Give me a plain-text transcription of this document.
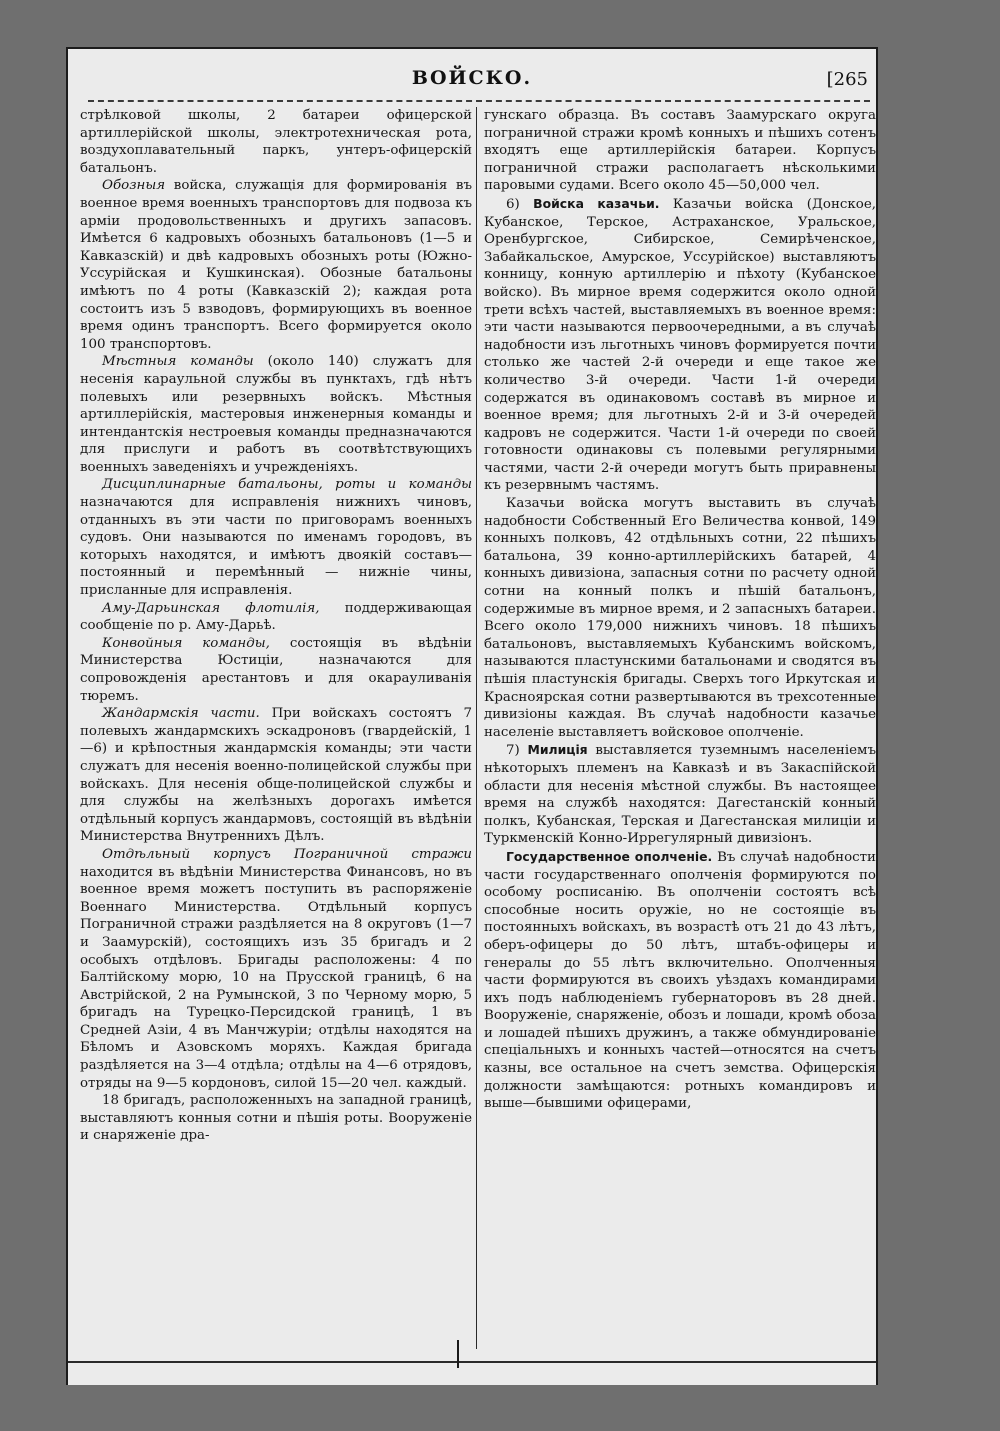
ВОЙСКО.	[265

стрѣлковой школы, 2 батареи офицерской артиллерійской школы, электротехническая рота, воздухоплавательный паркъ, унтеръ-офицерскій батальонъ.

Обозныя войска, служащія для формированія въ военное время военныхъ транспортовъ для подвоза къ арміи продовольственныхъ и другихъ запасовъ. Имѣется 6 кадровыхъ обозныхъ батальоновъ (1—5 и Кавказскій) и двѣ кадровыхъ обозныхъ роты (Южно-Уссурійская и Кушкинская). Обозные батальоны имѣютъ по 4 роты (Кавказскій 2); каждая рота состоитъ изъ 5 взводовъ, формирующихъ въ военное время одинъ транспортъ. Всего формируется около 100 транспортовъ.

Мѣстныя команды (около 140) служатъ для несенія караульной службы въ пунктахъ, гдѣ нѣтъ полевыхъ или резервныхъ войскъ. Мѣстныя артиллерійскія, мастеровыя инженерныя команды и интендантскія нестроевыя команды предназначаются для прислуги и работъ въ соотвѣтствующихъ военныхъ заведеніяхъ и учрежденіяхъ.

Дисциплинарные батальоны, роты и команды назначаются для исправленія нижнихъ чиновъ, отданныхъ въ эти части по приговорамъ военныхъ судовъ. Они называются по именамъ городовъ, въ которыхъ находятся, и имѣютъ двоякій составъ—постоянный и перемѣнный — нижніе чины, присланные для исправленія.

Аму-Дарьинская флотилія, поддерживающая сообщеніе по р. Аму-Дарьѣ.

Конвойныя команды, состоящія въ вѣдѣніи Министерства Юстиціи, назначаются для сопровожденія арестантовъ и для окарауливанія тюремъ.

Жандармскія части. При войскахъ состоятъ 7 полевыхъ жандармскихъ эскадроновъ (гвардейскій, 1—6) и крѣпостныя жандармскія команды; эти части служатъ для несенія военно-полицейской службы при войскахъ. Для несенія обще-полицейской службы и для службы на желѣзныхъ дорогахъ имѣется отдѣльный корпусъ жандармовъ, состоящій въ вѣдѣніи Министерства Внутреннихъ Дѣлъ.

Отдѣльный корпусъ Пограничной стражи находится въ вѣдѣніи Министерства Финансовъ, но въ военное время можетъ поступить въ распоряженіе Военнаго Министерства. Отдѣльный корпусъ Пограничной стражи раздѣляется на 8 округовъ (1—7 и Заамурскій), состоящихъ изъ 35 бригадъ и 2 особыхъ отдѣловъ. Бригады расположены: 4 по Балтійскому морю, 10 на Прусской границѣ, 6 на Австрійской, 2 на Румынской, 3 по Черному морю, 5 бригадъ на Турецко-Персидской границѣ, 1 въ Средней Азіи, 4 въ Манчжуріи; отдѣлы находятся на Бѣломъ и Азовскомъ моряхъ. Каждая бригада раздѣляется на 3—4 отдѣла; отдѣлы на 4—6 отрядовъ, отряды на 9—5 кордоновъ, силой 15—20 чел. каждый.

18 бригадъ, расположенныхъ на западной границѣ, выставляютъ конныя сотни и пѣшія роты. Вооруженіе и снаряженіе дра-

гунскаго образца. Въ составъ Заамурскаго округа пограничной стражи кромѣ конныхъ и пѣшихъ сотенъ входятъ еще артиллерійскія батареи. Корпусъ пограничной стражи располагаетъ нѣсколькими паровыми судами. Всего около 45—50,000 чел.

6) Войска казачьи. Казачьи войска (Донское, Кубанское, Терское, Астраханское, Уральское, Оренбургское, Сибирское, Семирѣченское, Забайкальское, Амурское, Уссурійское) выставляютъ конницу, конную артиллерію и пѣхоту (Кубанское войско). Въ мирное время содержится около одной трети всѣхъ частей, выставляемыхъ въ военное время: эти части называются первоочередными, а въ случаѣ надобности изъ льготныхъ чиновъ формируется почти столько же частей 2-й очереди и еще такое же количество 3-й очереди. Части 1-й очереди содержатся въ одинаковомъ составѣ въ мирное и военное время; для льготныхъ 2-й и 3-й очередей кадровъ не содержится. Части 1-й очереди по своей готовности одинаковы съ полевыми регулярными частями, части 2-й очереди могутъ быть приравнены къ резервнымъ частямъ.

Казачьи войска могутъ выставить въ случаѣ надобности Собственный Его Величества конвой, 149 конныхъ полковъ, 42 отдѣльныхъ сотни, 22 пѣшихъ батальона, 39 конно-артиллерійскихъ батарей, 4 конныхъ дивизіона, запасныя сотни по расчету одной сотни на конный полкъ и пѣшій батальонъ, содержимые въ мирное время, и 2 запасныхъ батареи. Всего около 179,000 нижнихъ чиновъ. 18 пѣшихъ батальоновъ, выставляемыхъ Кубанскимъ войскомъ, называются пластунскими батальонами и сводятся въ пѣшія пластунскія бригады. Сверхъ того Иркутская и Красноярская сотни развертываются въ трехсотенные дивизіоны каждая. Въ случаѣ надобности казачье населеніе выставляетъ войсковое ополченіе.

7) Милиція выставляется туземнымъ населеніемъ нѣкоторыхъ племенъ на Кавказѣ и въ Закаспійской области для несенія мѣстной службы. Въ настоящее время на службѣ находятся: Дагестанскій конный полкъ, Кубанская, Терская и Дагестанская милиціи и Туркменскій Конно-Иррегулярный дивизіонъ.

Государственное ополченіе. Въ случаѣ надобности части государственнаго ополченія формируются по особому росписанію. Въ ополченіи состоятъ всѣ способные носить оружіе, но не состоящіе въ постоянныхъ войскахъ, въ возрастѣ отъ 21 до 43 лѣтъ, оберъ-офицеры до 50 лѣтъ, штабъ-офицеры и генералы до 55 лѣтъ включительно. Ополченныя части формируются въ своихъ уѣздахъ командирами ихъ подъ наблюденіемъ губернаторовъ въ 28 дней. Вооруженіе, снаряженіе, обозъ и лошади, кромѣ обоза и лошадей пѣшихъ дружинъ, а также обмундированіе спеціальныхъ и конныхъ частей—относятся на счетъ казны, все остальное на счетъ земства. Офицерскія должности замѣщаются: ротныхъ командировъ и выше—бывшими офицерами,
